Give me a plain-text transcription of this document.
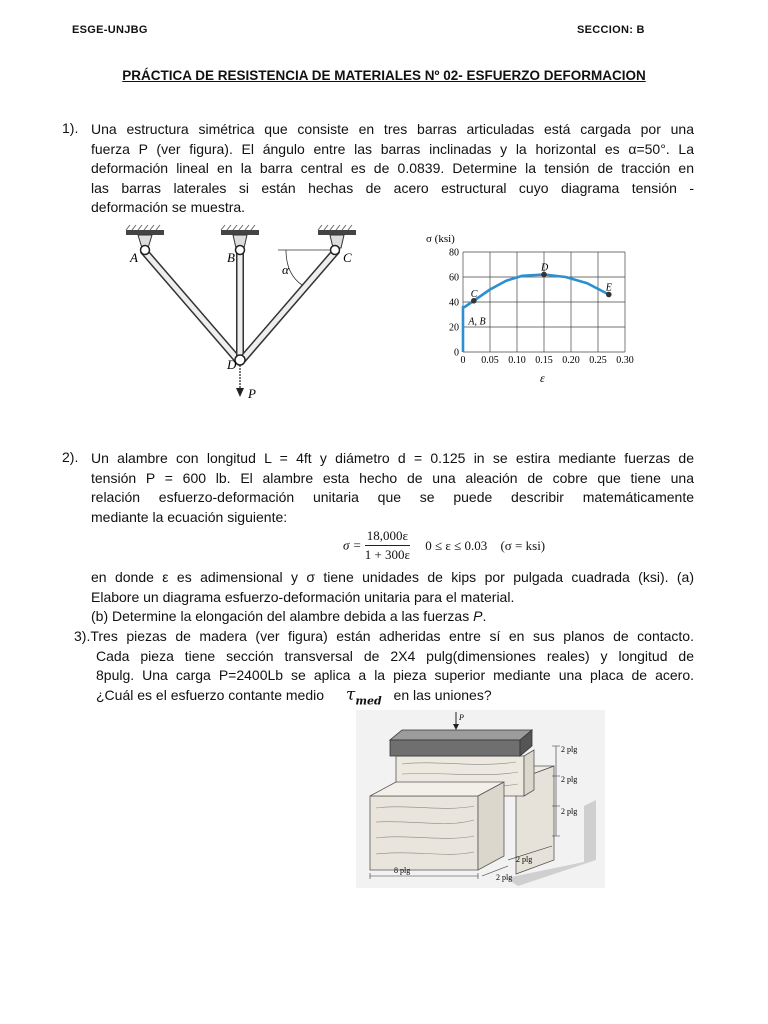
ESGE-UNJBG	SECCION: B
PRÁCTICA DE RESISTENCIA DE MATERIALES Nº 02- ESFUERZO DEFORMACION
1). Una estructura simétrica que consiste en tres barras articuladas está cargada por una
fuerza P (ver figura). El ángulo entre las barras inclinadas y la horizontal es α=50°. La
deformación lineal en la barra central es de 0.0839. Determine la tensión de tracción en
las barras laterales si están hechas de acero estructural cuyo diagrama tensión -
deformación se muestra.
α
A	B	C
D
P
σ (ksi)
ε
0 0.05 0.10 0.15 0.20 0.25 0.30
0
20
40
60
80
C
D
E
A, B
2). Un alambre con longitud L = 4ft y diámetro d = 0.125 in se estira mediante fuerzas de
tensión P = 600 lb. El alambre esta hecho de una aleación de cobre que tiene una
relación esfuerzo-deformación unitaria que se puede describir matemáticamente
mediante la ecuación siguiente:
$\sigma = \frac{18,000\varepsilon}{1 + 300\varepsilon} 0 \le \varepsilon \le 0.03$ (σ = ksi)
en donde ε es adimensional y σ tiene unidades de kips por pulgada cuadrada (ksi). (a)
Elabore un diagrama esfuerzo-deformación unitaria para el material.
(b) Determine la elongación del alambre debida a las fuerzas P.
3).Tres piezas de madera (ver figura) están adheridas entre sí en sus planos de contacto.
Cada pieza tiene sección transversal de 2X4 pulg(dimensiones reales) y longitud de
8pulg. Una carga P=2400Lb se aplica a la pieza superior mediante una placa de acero.
¿Cuál es el esfuerzo contante medio $\tau_{med}$ en las uniones?
P
2 plg
2 plg
2 plg
2 plg
2 plg
8 plg
